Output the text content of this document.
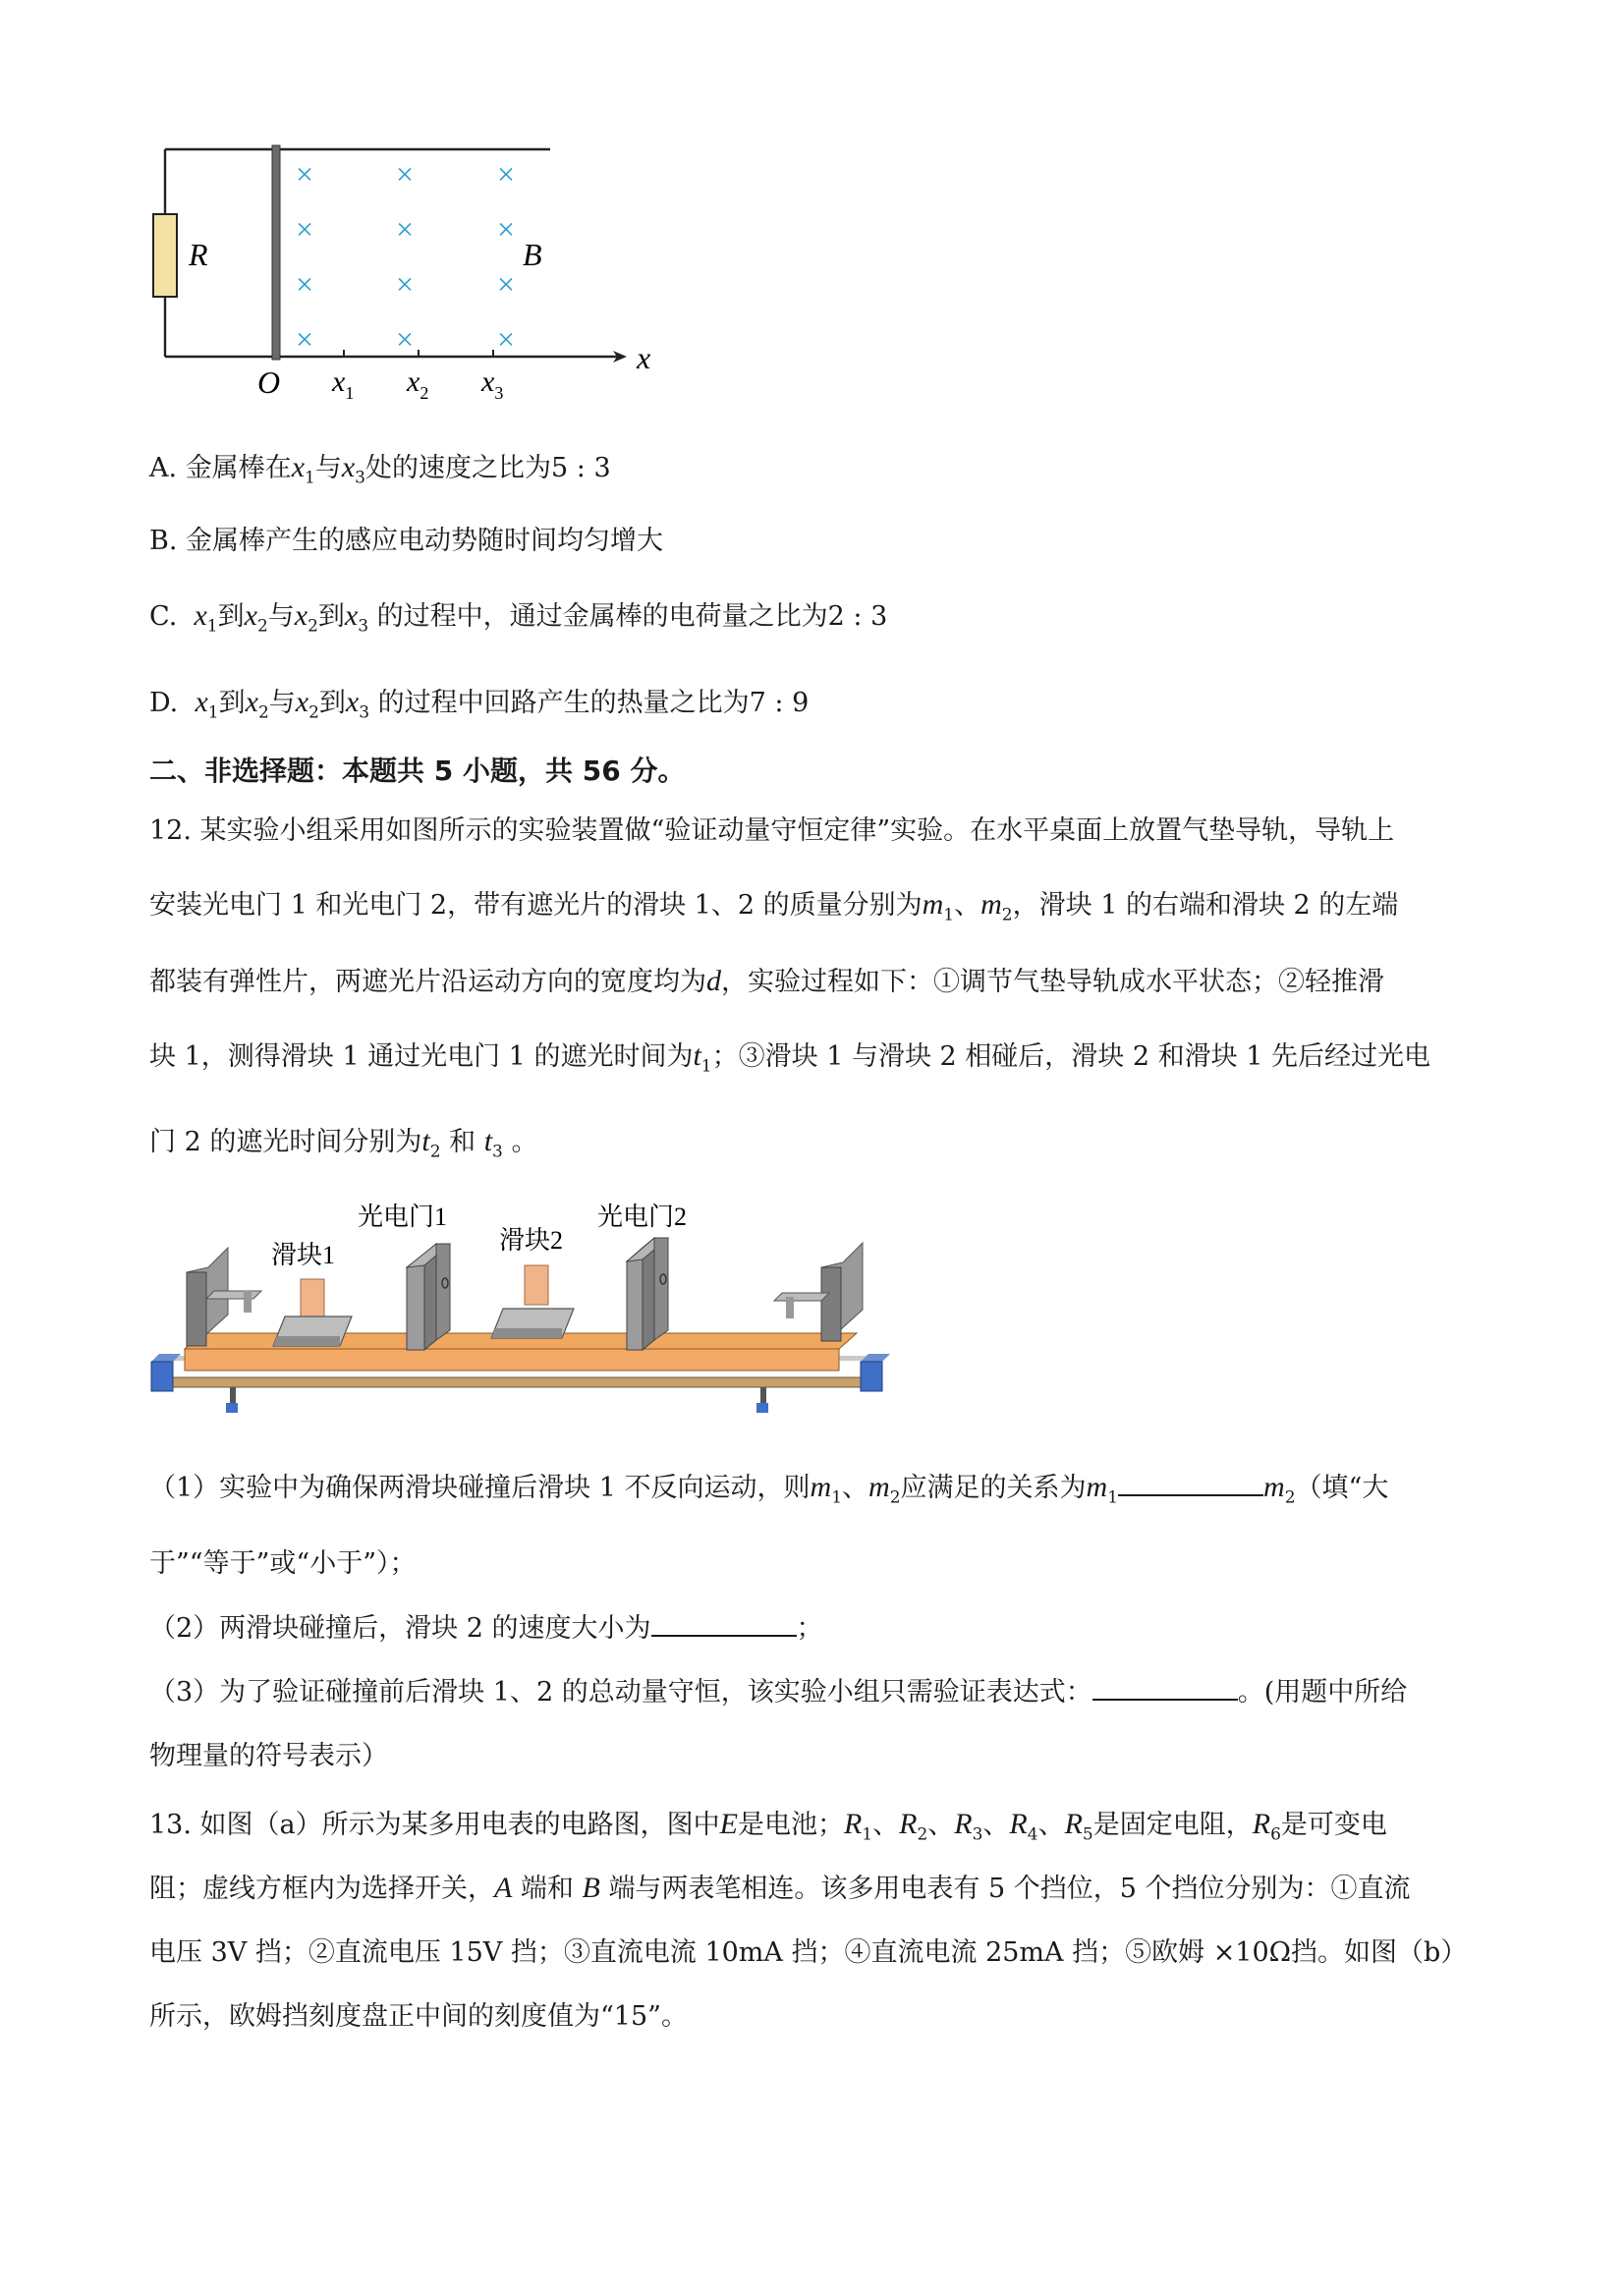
R
x
O $x_1$ $x_2$ $x_3$
×	×	×
×	×	×
×	×	×
×	×	×
B
A. 金属棒在$x_1$与$x_3$处的速度之比为5 : 3
B. 金属棒产生的感应电动势随时间均匀增大
C. $x_1$到$x_2$与$x_2$到$x_3$ 的过程中，通过金属棒的电荷量之比为2 : 3
D. $x_1$到$x_2$与$x_2$到$x_3$ 的过程中回路产生的热量之比为7 : 9
二、非选择题：本题共 5 小题，共 56 分。
12. 某实验小组采用如图所示的实验装置做“验证动量守恒定律”实验。在水平桌面上放置气垫导轨，导轨上
安装光电门 1 和光电门 2，带有遮光片的滑块 1、2 的质量分别为$m_1$、$m_2$，滑块 1 的右端和滑块 2 的左端
都装有弹性片，两遮光片沿运动方向的宽度均为d，实验过程如下：①调节气垫导轨成水平状态；②轻推滑
块 1，测得滑块 1 通过光电门 1 的遮光时间为$t_1$；③滑块 1 与滑块 2 相碰后，滑块 2 和滑块 1 先后经过光电
门 2 的遮光时间分别为$t_2$ 和 $t_3$ 。
滑块1
光电门1
滑块2
光电门2
（1）实验中为确保两滑块碰撞后滑块 1 不反向运动，则$m_1$、$m_2$应满足的关系为$m_1$	$m_2$（填“大
于”“等于”或“小于”）；
（2）两滑块碰撞后，滑块 2 的速度大小为	；
（3）为了验证碰撞前后滑块 1、2 的总动量守恒，该实验小组只需验证表达式：	。(用题中所给
物理量的符号表示）
13. 如图（a）所示为某多用电表的电路图，图中E是电池；$R_1$、$R_2$、$R_3$、$R_4$、$R_5$是固定电阻，$R_6$是可变电
阻；虚线方框内为选择开关，A 端和 B 端与两表笔相连。该多用电表有 5 个挡位，5 个挡位分别为：①直流
电压 3V 挡；②直流电压 15V 挡；③直流电流 10mA 挡；④直流电流 25mA 挡；⑤欧姆 ×10Ω挡。如图（b）
所示，欧姆挡刻度盘正中间的刻度值为“15”。
